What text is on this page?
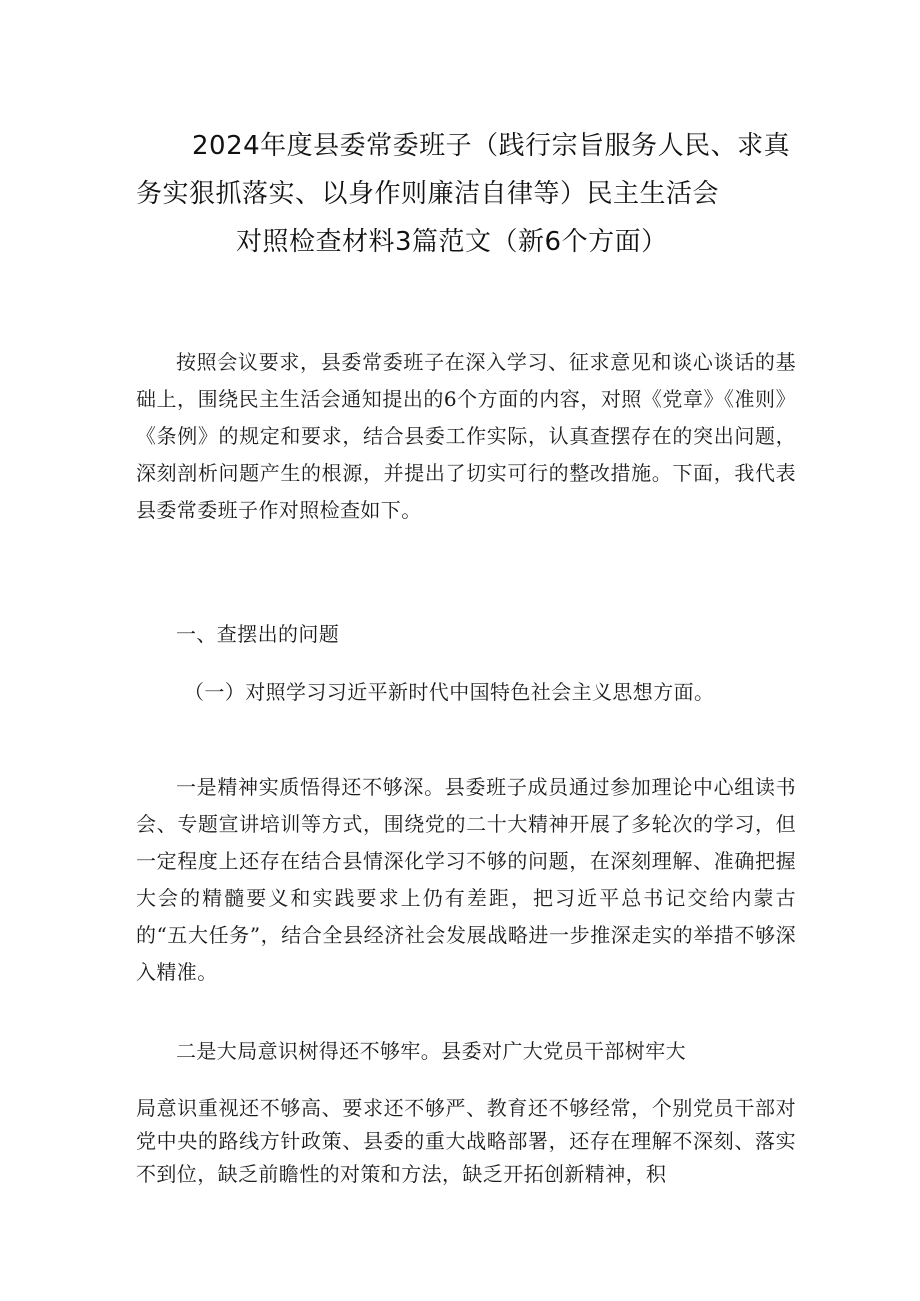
2024年度县委常委班子（践行宗旨服务人民、求真
务实狠抓落实、以身作则廉洁自律等）民主生活会
对照检查材料3篇范文（新6个方面）

按照会议要求，县委常委班子在深入学习、征求意见和谈心谈话的基础上，围绕民主生活会通知提出的6个方面的内容，对照《党章》《准则》《条例》的规定和要求，结合县委工作实际，认真查摆存在的突出问题，深刻剖析问题产生的根源，并提出了切实可行的整改措施。下面，我代表县委常委班子作对照检查如下。

一、查摆出的问题

（一）对照学习习近平新时代中国特色社会主义思想方面。

一是精神实质悟得还不够深。县委班子成员通过参加理论中心组读书会、专题宣讲培训等方式，围绕党的二十大精神开展了多轮次的学习，但一定程度上还存在结合县情深化学习不够的问题，在深刻理解、准确把握大会的精髓要义和实践要求上仍有差距，把习近平总书记交给内蒙古的“五大任务”，结合全县经济社会发展战略进一步推深走实的举措不够深入精准。

二是大局意识树得还不够牢。县委对广大党员干部树牢大

局意识重视还不够高、要求还不够严、教育还不够经常，个别党员干部对党中央的路线方针政策、县委的重大战略部署，还存在理解不深刻、落实不到位，缺乏前瞻性的对策和方法，缺乏开拓创新精神，积
